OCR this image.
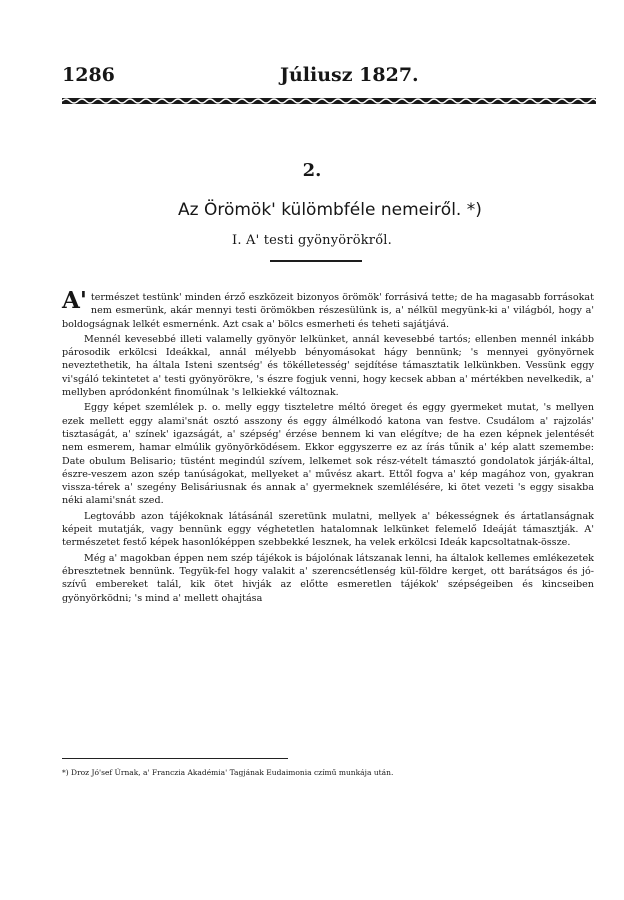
1286	Júliusz 1827.
2.
Az Örömök' külömbféle nemeiről. *)
I. A' testi gyönyörökről.

A' természet testünk' minden érző eszközeit bizonyos örömök' forrásivá tette; de ha magasabb forrásokat nem esmerünk, akár mennyi testi örömökben részesülünk is, a' nélkül megyünk-ki a' világból, hogy a' boldogságnak lelkét esmernénk. Azt csak a' bölcs esmerheti és teheti sajátjává.

Mennél kevesebbé illeti valamelly gyönyör lelkünket, annál kevesebbé tartós; ellenben mennél inkább párosodik erkölcsi Ideákkal, annál mélyebb bényomásokat hágy bennünk; 's mennyei gyönyörnek neveztethetik, ha általa Isteni szentség' és tökélletesség' sejdítése támasztatik lelkünkben. Vessünk eggy vi'sgáló tekintetet a' testi gyönyörökre, 's észre fogjuk venni, hogy kecsek abban a' mértékben nevelkedik, a' mellyben apródonként finomúlnak 's lelkiekké változnak.

Eggy képet szemlélek p. o. melly eggy tiszteletre méltó öreget és eggy gyermeket mutat, 's mellyen ezek mellett eggy alami'snát osztó asszony és eggy álmélkodó katona van festve. Csudálom a' rajzolás' tisztaságát, a' színek' igazságát, a' szépség' érzése bennem ki van elégítve; de ha ezen képnek jelentését nem esmerem, hamar elmúlik gyönyörködésem. Ekkor eggyszerre ez az írás tűnik a' kép alatt szemembe: Date obulum Belisario; tüstént megindúl szívem, lelkemet sok rész-vételt támasztó gondolatok járják-által, észre-veszem azon szép tanúságokat, mellyeket a' művész akart. Ettől fogva a' kép magához von, gyakran vissza-térek a' szegény Belisáriusnak és annak a' gyermeknek szemlélésére, ki ötet vezeti 's eggy sisakba néki alami'snát szed.

Legtovább azon tájékoknak látásánál szeretünk mulatni, mellyek a' békességnek és ártatlanságnak képeit mutatják, vagy bennünk eggy véghetetlen hatalomnak lelkünket felemelő Ideáját támasztják. A' természetet festő képek hasonlóképpen szebbekké lesznek, ha velek erkölcsi Ideák kapcsoltatnak-össze.

Még a' magokban éppen nem szép tájékok is bájolónak látszanak lenni, ha általok kellemes emlékezetek ébresztetnek bennünk. Tegyük-fel hogy valakit a' szerencsétlenség kül-földre kerget, ott barátságos és jó-szívű embereket talál, kik ötet hivják az előtte esmeretlen tájékok' szépségeiben és kincseiben gyönyörködni; 's mind a' mellett ohajtása

*) Droz Jó'sef Úrnak, a' Franczia Akadémia' Tagjának Eudaimonia czímű munkája után.
